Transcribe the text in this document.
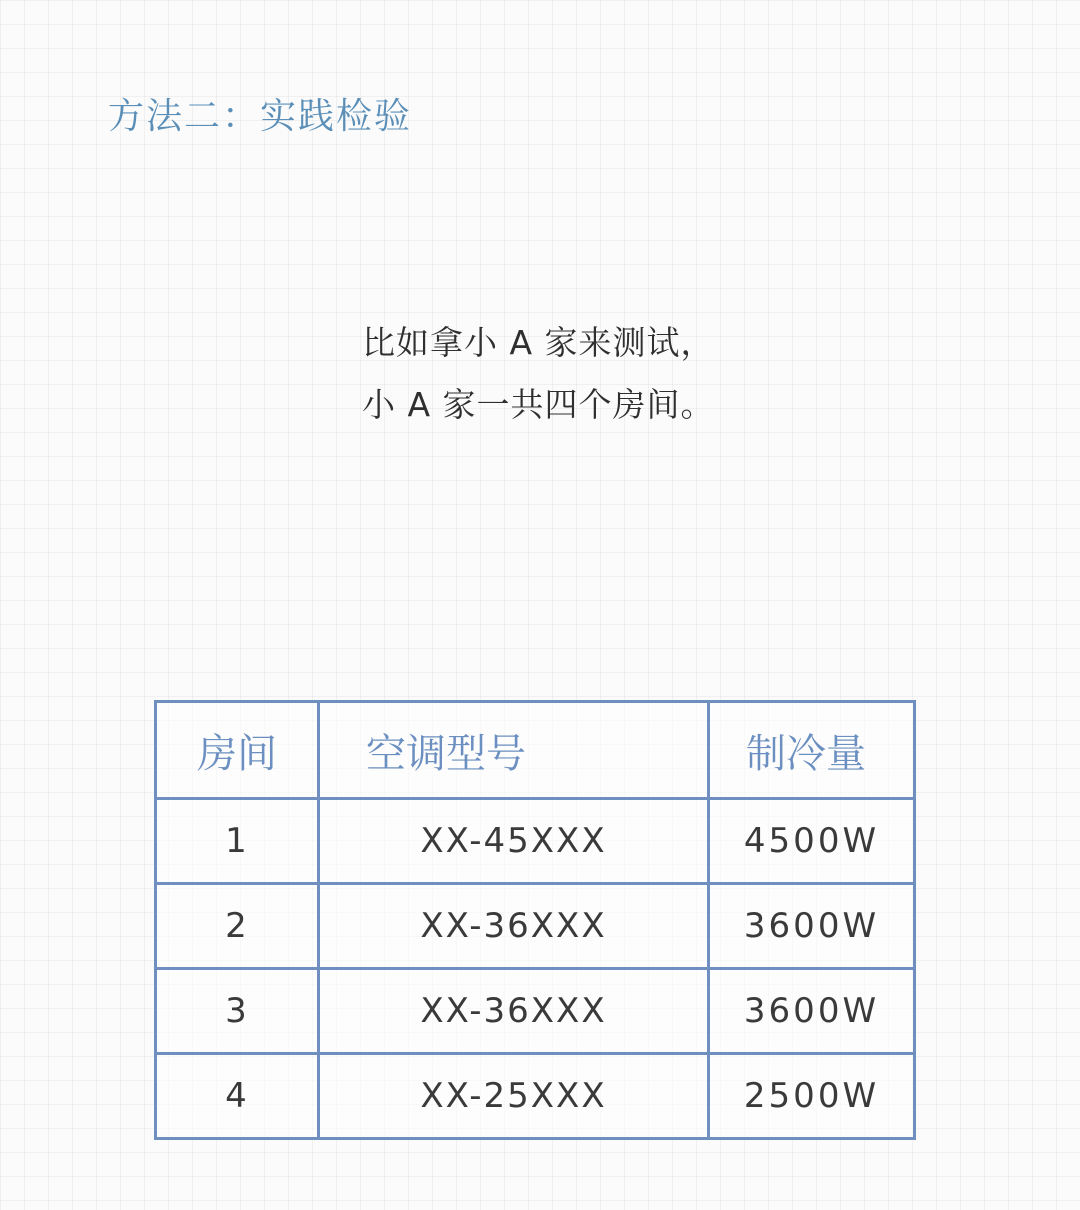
方法二：实践检验
比如拿小 A 家来测试，
小 A 家一共四个房间。
房间	空调型号	制冷量
1	XX-45XXX	4500W
2	XX-36XXX	3600W
3	XX-36XXX	3600W
4	XX-25XXX	2500W
